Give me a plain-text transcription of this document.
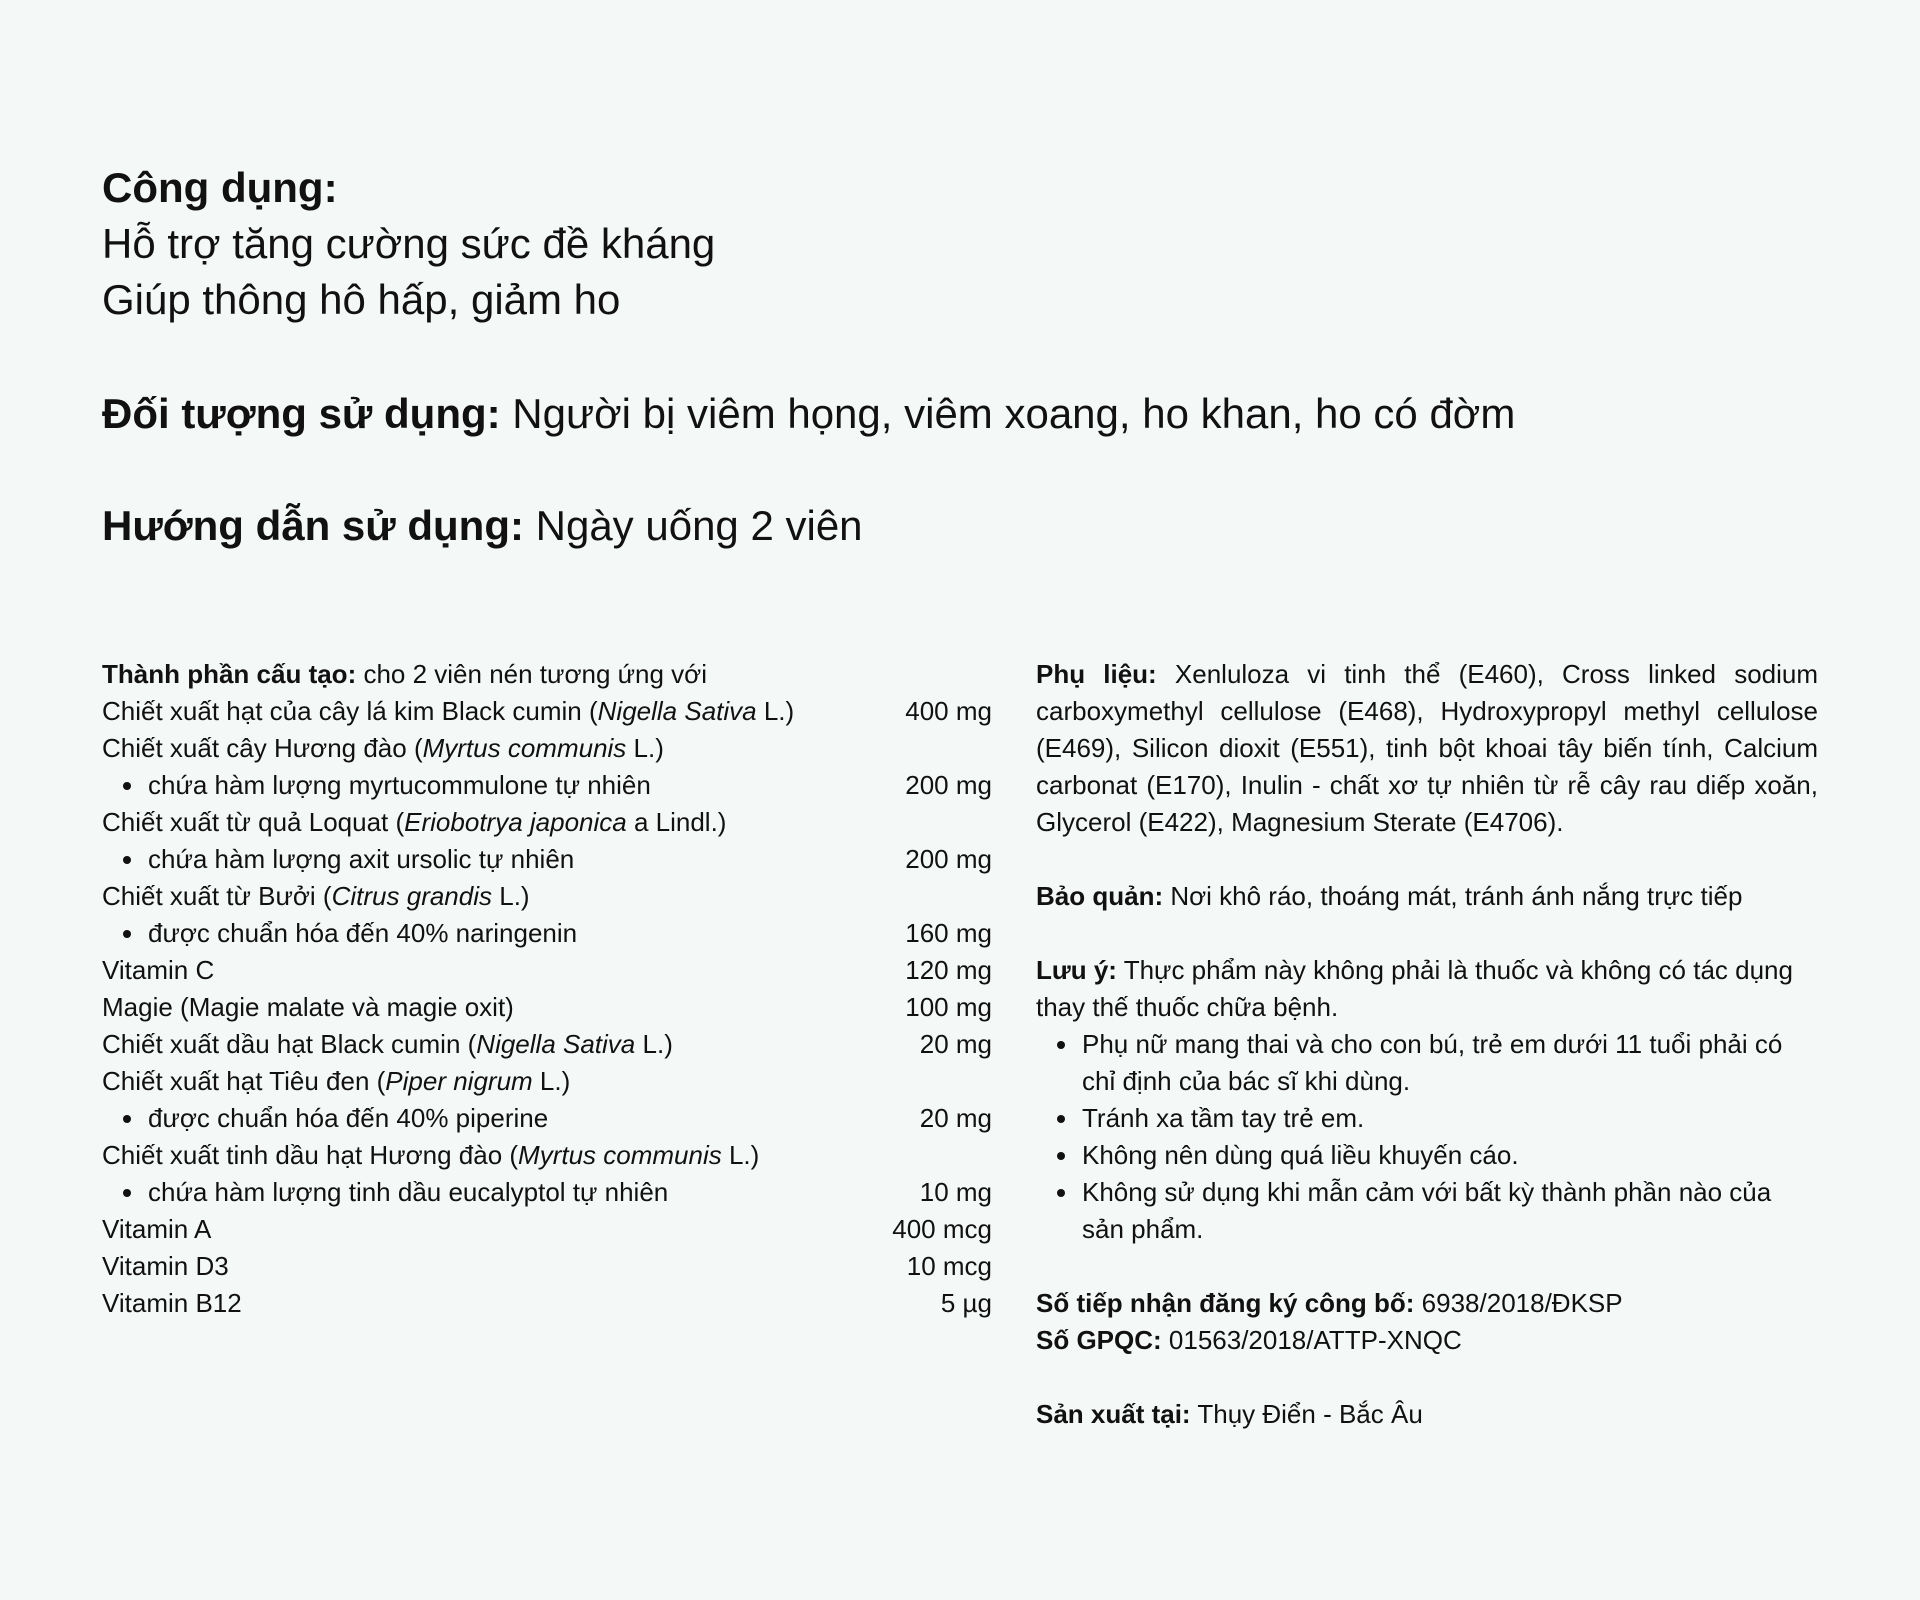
Công dụng:

Hỗ trợ tăng cường sức đề kháng

Giúp thông hô hấp, giảm ho

Đối tượng sử dụng: Người bị viêm họng, viêm xoang, ho khan, ho có đờm

Hướng dẫn sử dụng: Ngày uống 2 viên

Thành phần cấu tạo: cho 2 viên nén tương ứng với
Chiết xuất hạt của cây lá kim Black cumin (Nigella Sativa L.)	400 mg
Chiết xuất cây Hương đào (Myrtus communis L.)
chứa hàm lượng myrtucommulone tự nhiên	200 mg
Chiết xuất từ quả Loquat (Eriobotrya japonica a Lindl.)
chứa hàm lượng axit ursolic tự nhiên	200 mg
Chiết xuất từ Bưởi (Citrus grandis L.)
được chuẩn hóa đến 40% naringenin	160 mg
Vitamin C	120 mg
Magie (Magie malate và magie oxit)	100 mg
Chiết xuất dầu hạt Black cumin (Nigella Sativa L.)	20 mg
Chiết xuất hạt Tiêu đen (Piper nigrum L.)
được chuẩn hóa đến 40% piperine	20 mg
Chiết xuất tinh dầu hạt Hương đào (Myrtus communis L.)
chứa hàm lượng tinh dầu eucalyptol tự nhiên	10 mg
Vitamin A	400 mcg
Vitamin D3	10 mcg
Vitamin B12	5 µg

Phụ liệu: Xenluloza vi tinh thể (E460), Cross linked sodium carboxymethyl cellulose (E468), Hydroxypropyl methyl cellulose (E469), Silicon dioxit (E551), tinh bột khoai tây biến tính, Calcium carbonat (E170), Inulin - chất xơ tự nhiên từ rễ cây rau diếp xoăn, Glycerol (E422), Magnesium Sterate (E4706).

Bảo quản: Nơi khô ráo, thoáng mát, tránh ánh nắng trực tiếp

Lưu ý: Thực phẩm này không phải là thuốc và không có tác dụng thay thế thuốc chữa bệnh.

Phụ nữ mang thai và cho con bú, trẻ em dưới 11 tuổi phải có chỉ định của bác sĩ khi dùng.
Tránh xa tầm tay trẻ em.
Không nên dùng quá liều khuyến cáo.
Không sử dụng khi mẫn cảm với bất kỳ thành phần nào của sản phẩm.

Số tiếp nhận đăng ký công bố: 6938/2018/ĐKSP

Số GPQC: 01563/2018/ATTP-XNQC

Sản xuất tại: Thụy Điển - Bắc Âu
